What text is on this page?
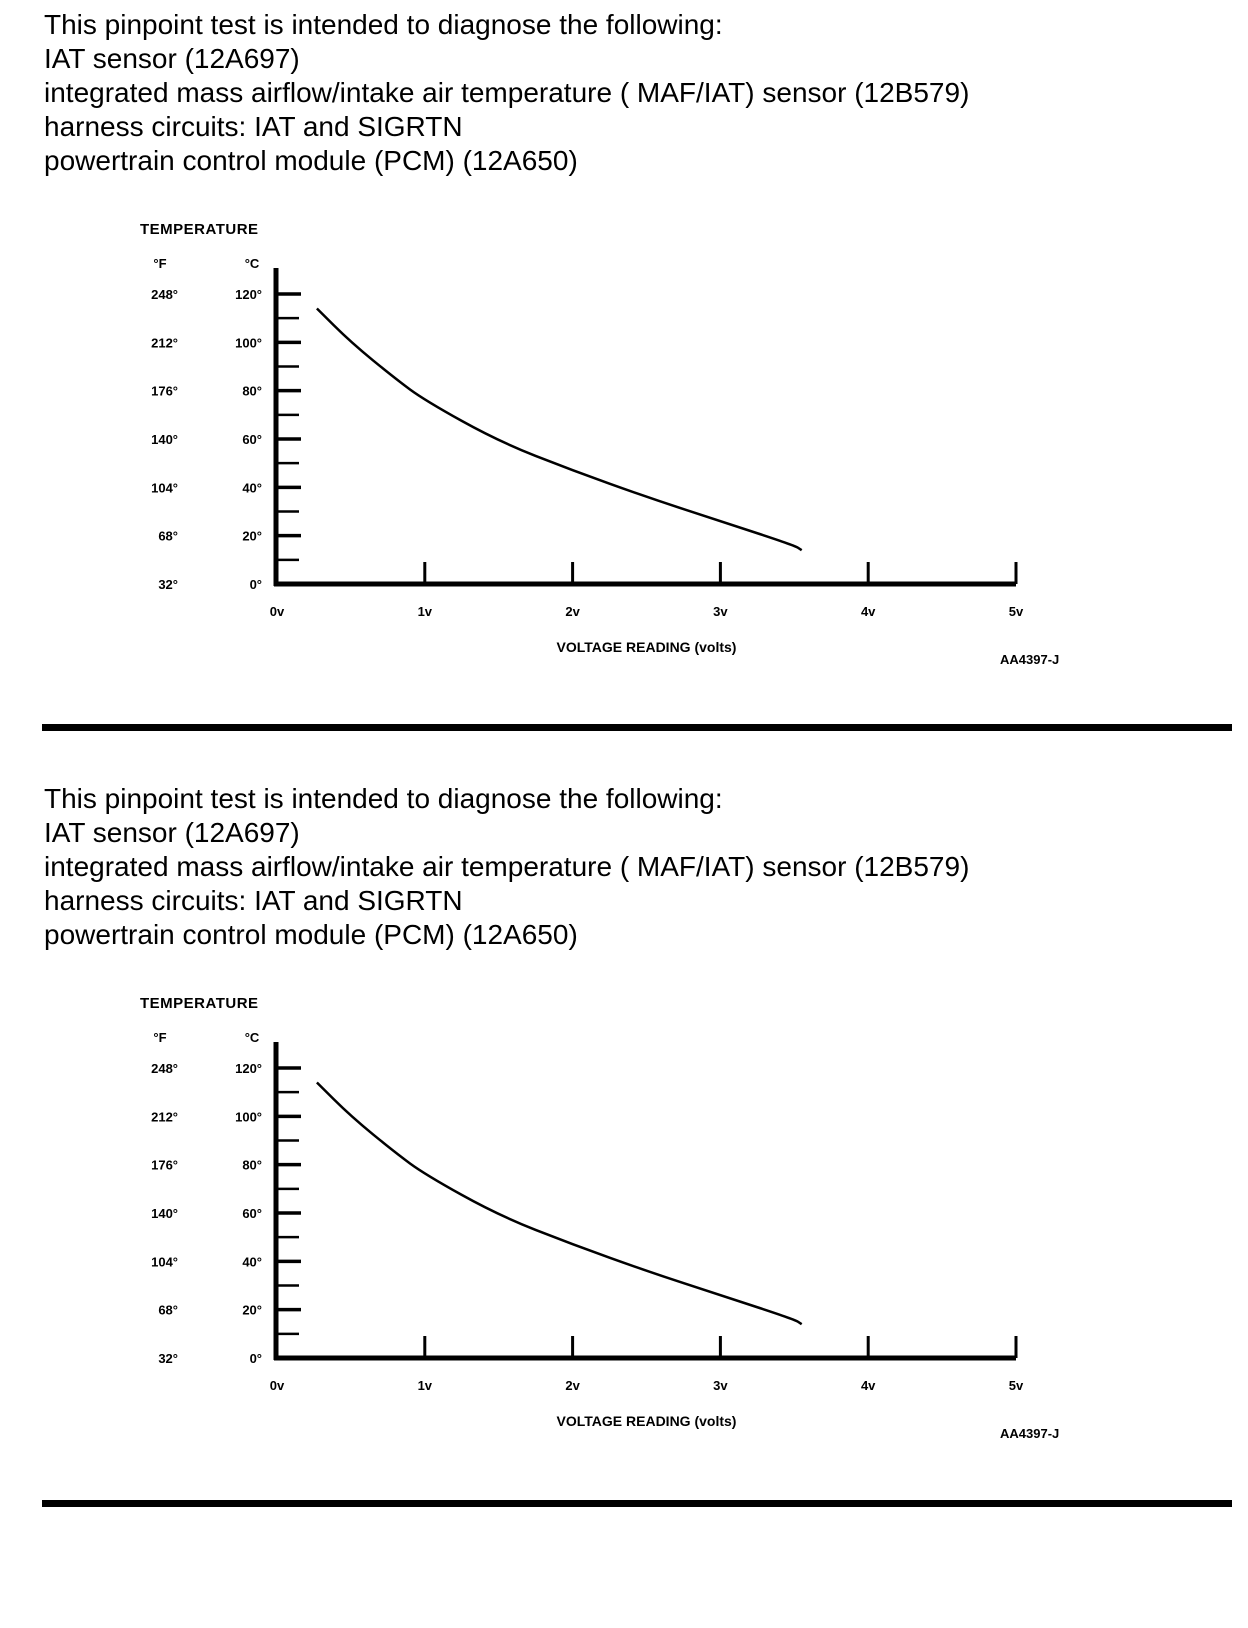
This pinpoint test is intended to diagnose the following:
IAT sensor (12A697)
integrated mass airflow/intake air temperature ( MAF/IAT) sensor (12B579)
harness circuits: IAT and SIGRTN
powertrain control module (PCM) (12A650)
TEMPERATURE
°F	°C
120°
100°
80°
60°
40°
20°
0°
248°
212°
176°
140°
104°
68°
32°
0v	1v	2v	3v	4v	5v
VOLTAGE READING (volts)
AA4397-J
This pinpoint test is intended to diagnose the following:
IAT sensor (12A697)
integrated mass airflow/intake air temperature ( MAF/IAT) sensor (12B579)
harness circuits: IAT and SIGRTN
powertrain control module (PCM) (12A650)
TEMPERATURE
°F	°C
120°
100°
80°
60°
40°
20°
0°
248°
212°
176°
140°
104°
68°
32°
0v	1v	2v	3v	4v	5v
VOLTAGE READING (volts)
AA4397-J
